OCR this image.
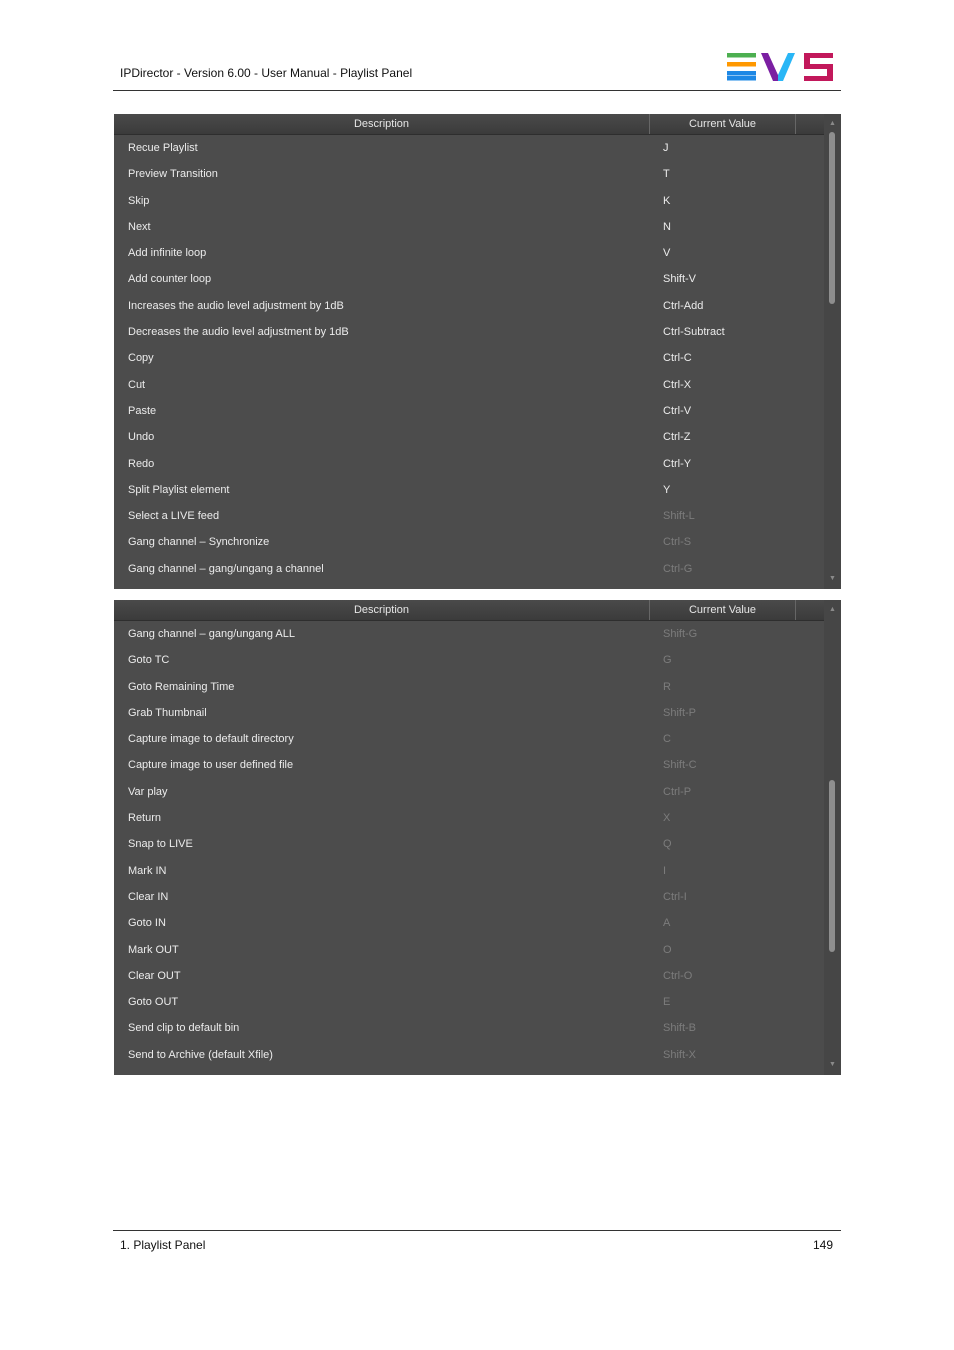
IPDirector - Version 6.00 - User Manual - Playlist Panel
Description	Current Value
Recue Playlist	J
Preview Transition	T
Skip	K
Next	N
Add infinite loop	V
Add counter loop	Shift-V
Increases the audio level adjustment by 1dB	Ctrl-Add
Decreases the audio level adjustment by 1dB	Ctrl-Subtract
Copy	Ctrl-C
Cut	Ctrl-X
Paste	Ctrl-V
Undo	Ctrl-Z
Redo	Ctrl-Y
Split Playlist element	Y
Select a LIVE feed	Shift-L
Gang channel – Synchronize	Ctrl-S
Gang channel – gang/ungang a channel	Ctrl-G
▲
▼
Description	Current Value
Gang channel – gang/ungang ALL	Shift-G
Goto TC	G
Goto Remaining Time	R
Grab Thumbnail	Shift-P
Capture image to default directory	C
Capture image to user defined file	Shift-C
Var play	Ctrl-P
Return	X
Snap to LIVE	Q
Mark IN	I
Clear IN	Ctrl-I
Goto IN	A
Mark OUT	O
Clear OUT	Ctrl-O
Goto OUT	E
Send clip to default bin	Shift-B
Send to Archive (default Xfile)	Shift-X
▲
▼
1. Playlist Panel	149
